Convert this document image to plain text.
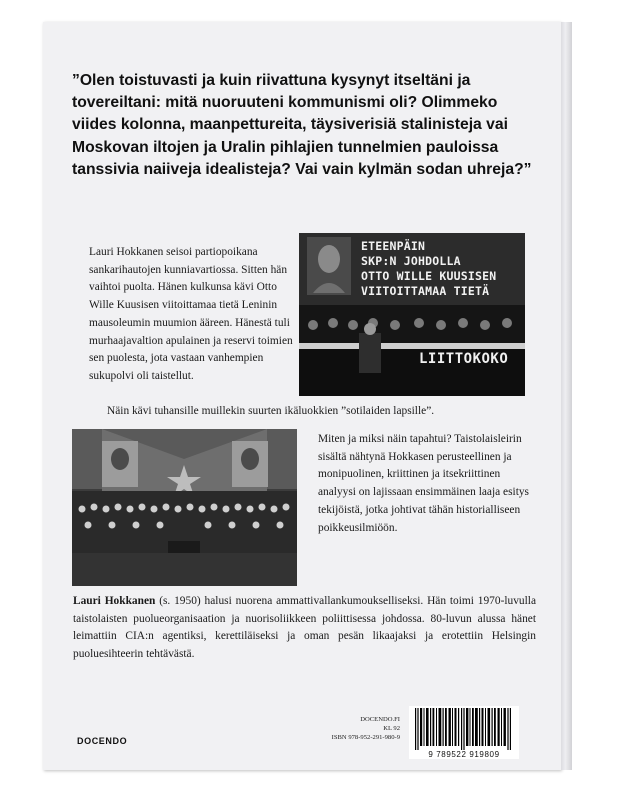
”Olen toistuvasti ja kuin riivattuna kysynyt itseltäni ja tovereiltani: mitä nuoruuteni kommunismi oli? Olimmeko viides kolonna, maanpettureita, täysiverisiä stalinisteja vai Moskovan iltojen ja Uralin pihlajien tunnelmien pauloissa tanssivia naiiveja idealisteja? Vai vain kylmän sodan uhreja?”

Lauri Hokkanen seisoi partiopoikana sankarihautojen kunniavartiossa. Sitten hän vaihtoi puolta. Hänen kulkunsa kävi Otto Wille Kuusisen viitoittamaa tietä Leninin mausoleumin muumion ääreen. Hänestä tuli murhaajavaltion apulainen ja reservi toimien sen puolesta, jota vastaan vanhempien sukupolvi oli taistellut.

ETEENPÄIN
SKP:N JOHDOLLA
OTTO WILLE KUUSISEN
VIITOITTAMAA TIETÄ

LIITTOKOKO

Näin kävi tuhansille muillekin suurten ikäluokkien ”sotilaiden lapsille”.

Miten ja miksi näin tapahtui? Taistolaisleirin sisältä nähtynä Hokkasen perusteellinen ja monipuolinen, kriittinen ja itsekriittinen analyysi on lajissaan ensimmäinen laaja esitys tekijöistä, jotka johtivat tähän historialliseen poikkeusilmiöön.

Lauri Hokkanen (s. 1950) halusi nuorena ammattivallankumoukselliseksi. Hän toimi 1970-luvulla taistolaisten puolueorganisaation ja nuorisoliikkeen poliittisessa johdossa. 80-luvun alussa hänet leimattiin CIA:n agentiksi, kerettiläiseksi ja oman pesän likaajaksi ja erotettiin Helsingin puoluesihteerin tehtävästä.

DOCENDO
DOCENDO.FI
KL 92
ISBN 978-952-291-980-9
9 789522 919809
